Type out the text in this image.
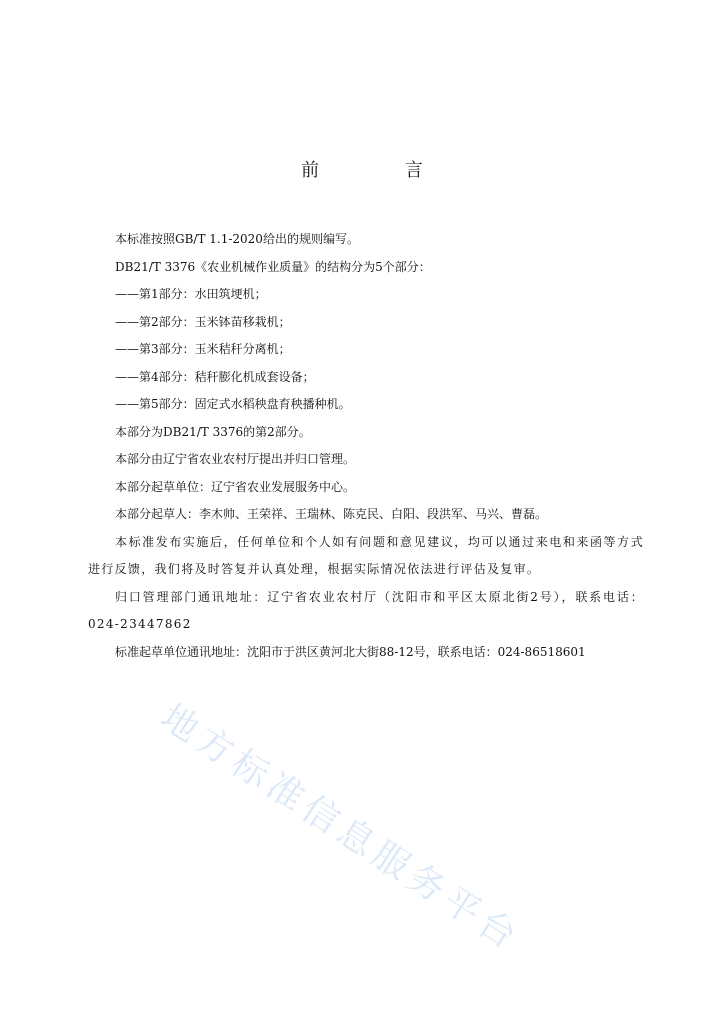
前 言

本标准按照GB/T 1.1-2020给出的规则编写。

DB21/T 3376《农业机械作业质量》的结构分为5个部分：

——第1部分：水田筑埂机；

——第2部分：玉米钵苗移栽机；

——第3部分：玉米秸秆分离机；

——第4部分：秸秆膨化机成套设备；

——第5部分：固定式水稻秧盘育秧播种机。

本部分为DB21/T 3376的第2部分。

本部分由辽宁省农业农村厅提出并归口管理。

本部分起草单位：辽宁省农业发展服务中心。

本部分起草人：李木帅、王荣祥、王瑞林、陈克民、白阳、段洪军、马兴、曹磊。

本标准发布实施后，任何单位和个人如有问题和意见建议，均可以通过来电和来函等方式进行反馈，我们将及时答复并认真处理，根据实际情况依法进行评估及复审。

归口管理部门通讯地址：辽宁省农业农村厅（沈阳市和平区太原北街2号），联系电话：024-23447862

标准起草单位通讯地址：沈阳市于洪区黄河北大街88-12号，联系电话：024-86518601

地方标准信息服务平台
